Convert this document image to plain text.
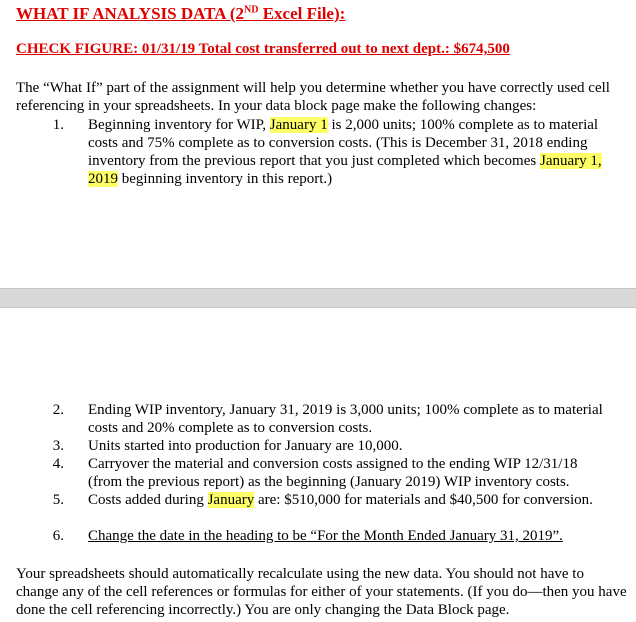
WHAT IF ANALYSIS DATA (2ND Excel File):
CHECK FIGURE: 01/31/19 Total cost transferred out to next dept.: $674,500
The “What If” part of the assignment will help you determine whether you have correctly used cell referencing in your spreadsheets. In your data block page make the following changes:
1. Beginning inventory for WIP, January 1 is 2,000 units; 100% complete as to material costs and 75% complete as to conversion costs. (This is December 31, 2018 ending inventory from the previous report that you just completed which becomes January 1, 2019 beginning inventory in this report.)
2. Ending WIP inventory, January 31, 2019 is 3,000 units; 100% complete as to material costs and 20% complete as to conversion costs.
3. Units started into production for January are 10,000.
4. Carryover the material and conversion costs assigned to the ending WIP 12/31/18 (from the previous report) as the beginning (January 2019) WIP inventory costs.
5. Costs added during January are: $510,000 for materials and $40,500 for conversion.
6. Change the date in the heading to be “For the Month Ended January 31, 2019”.
Your spreadsheets should automatically recalculate using the new data. You should not have to change any of the cell references or formulas for either of your statements. (If you do—then you have done the cell referencing incorrectly.) You are only changing the Data Block page.
